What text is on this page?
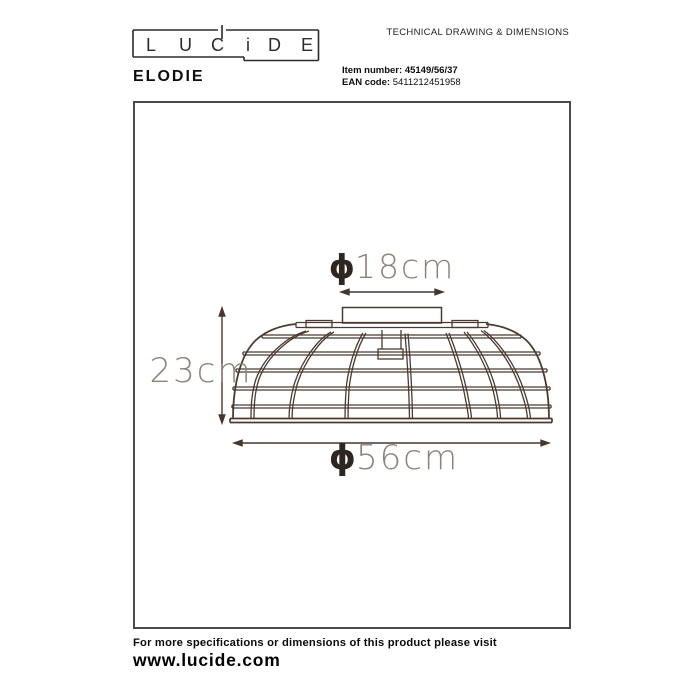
L U C i D E
TECHNICAL DRAWING & DIMENSIONS
ELODIE	Item number: 45149/56/37
EAN code: 5411212451958
ϕ18cm
23cm
ϕ56cm
For more specifications or dimensions of this product please visit
www.lucide.com
